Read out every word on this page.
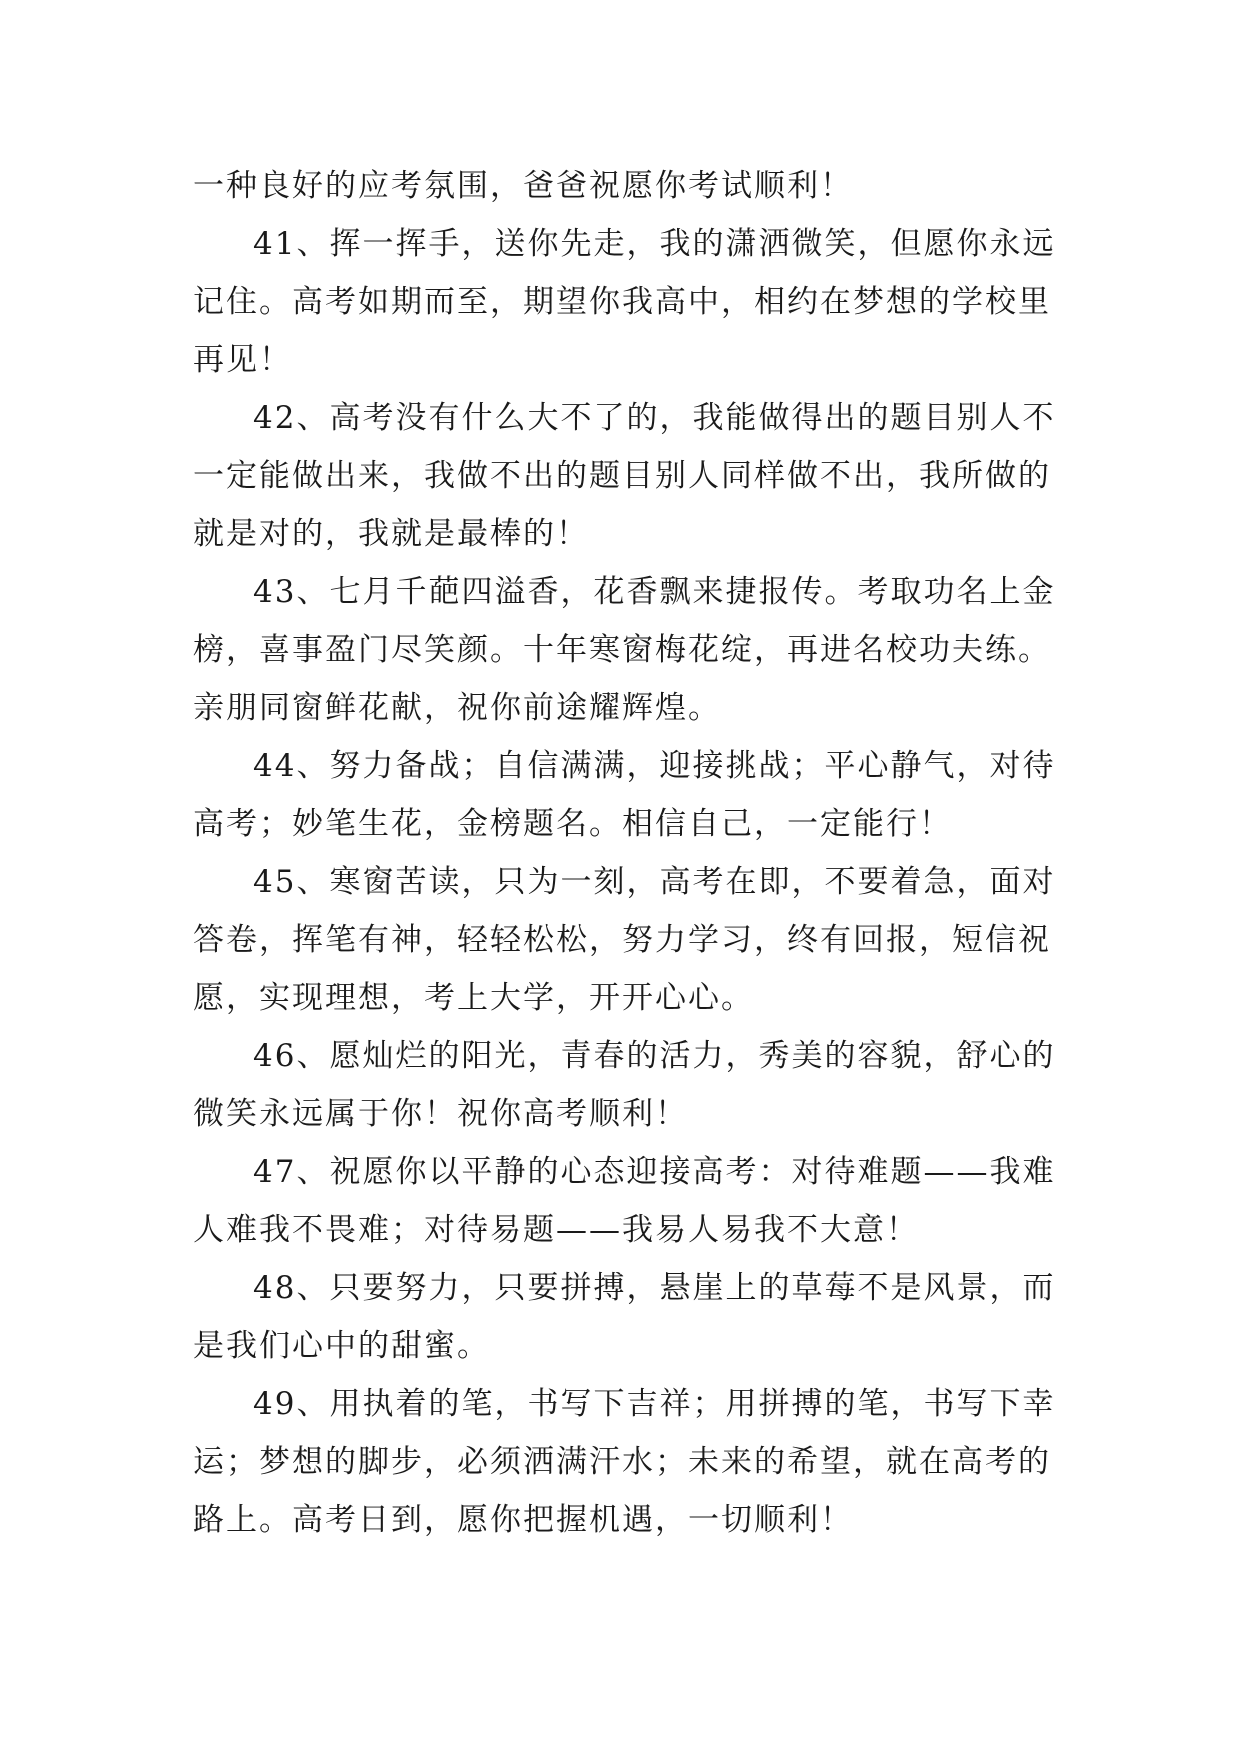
一种良好的应考氛围，爸爸祝愿你考试顺利！

41、挥一挥手，送你先走，我的潇洒微笑，但愿你永远
记住。高考如期而至，期望你我高中，相约在梦想的学校里
再见！

42、高考没有什么大不了的，我能做得出的题目别人不
一定能做出来，我做不出的题目别人同样做不出，我所做的
就是对的，我就是最棒的！

43、七月千葩四溢香，花香飘来捷报传。考取功名上金
榜，喜事盈门尽笑颜。十年寒窗梅花绽，再进名校功夫练。
亲朋同窗鲜花献，祝你前途耀辉煌。

44、努力备战；自信满满，迎接挑战；平心静气，对待
高考；妙笔生花，金榜题名。相信自己，一定能行！

45、寒窗苦读，只为一刻，高考在即，不要着急，面对
答卷，挥笔有神，轻轻松松，努力学习，终有回报，短信祝
愿，实现理想，考上大学，开开心心。

46、愿灿烂的阳光，青春的活力，秀美的容貌，舒心的
微笑永远属于你！祝你高考顺利！

47、祝愿你以平静的心态迎接高考：对待难题——我难
人难我不畏难；对待易题——我易人易我不大意！

48、只要努力，只要拼搏，悬崖上的草莓不是风景，而
是我们心中的甜蜜。

49、用执着的笔，书写下吉祥；用拼搏的笔，书写下幸
运；梦想的脚步，必须洒满汗水；未来的希望，就在高考的
路上。高考日到，愿你把握机遇，一切顺利！
